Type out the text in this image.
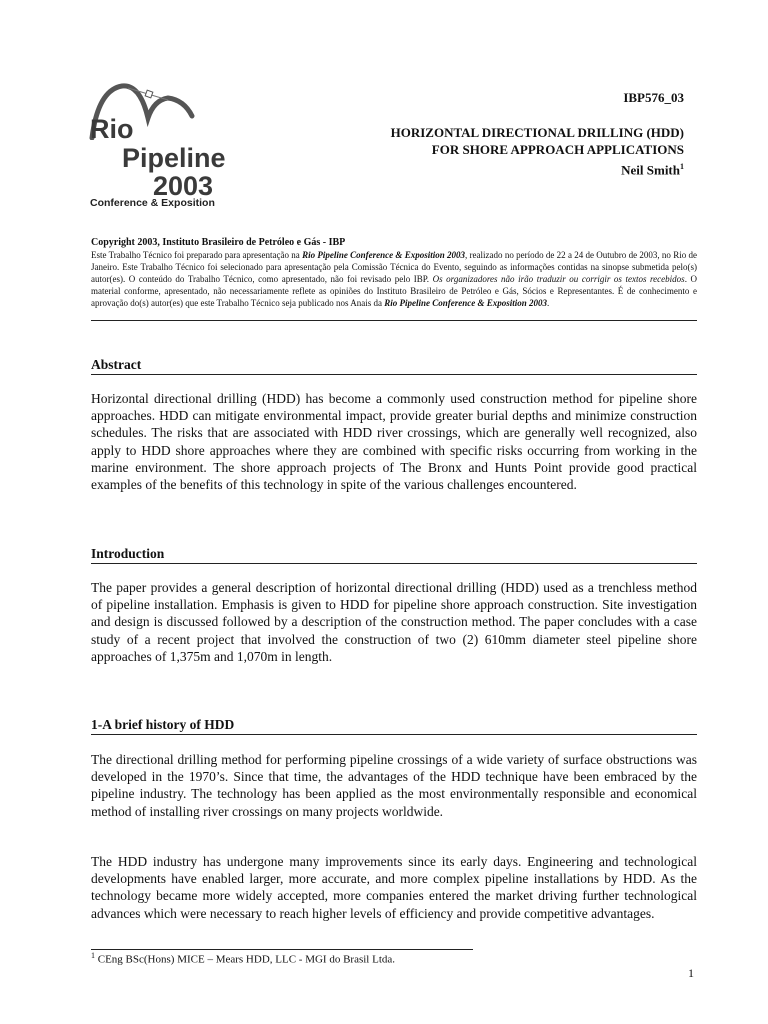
Rio
Pipeline
2003
Conference & Exposition
IBP576_03
HORIZONTAL DIRECTIONAL DRILLING (HDD)
FOR SHORE APPROACH APPLICATIONS
Neil Smith$^1$
Copyright 2003, Instituto Brasileiro de Petróleo e Gás - IBP
Este Trabalho Técnico foi preparado para apresentação na Rio Pipeline Conference & Exposition 2003, realizado no período de 22 a 24 de Outubro de 2003, no Rio de Janeiro. Este Trabalho Técnico foi selecionado para apresentação pela Comissão Técnica do Evento, seguindo as informações contidas na sinopse submetida pelo(s) autor(es). O conteúdo do Trabalho Técnico, como apresentado, não foi revisado pelo IBP. Os organizadores não irão traduzir ou corrigir os textos recebidos. O material conforme, apresentado, não necessariamente reflete as opiniões do Instituto Brasileiro de Petróleo e Gás, Sócios e Representantes. É de conhecimento e aprovação do(s) autor(es) que este Trabalho Técnico seja publicado nos Anais da Rio Pipeline Conference & Exposition 2003.
Abstract

Horizontal directional drilling (HDD) has become a commonly used construction method for pipeline shore approaches. HDD can mitigate environmental impact, provide greater burial depths and minimize construction schedules. The risks that are associated with HDD river crossings, which are generally well recognized, also apply to HDD shore approaches where they are combined with specific risks occurring from working in the marine environment. The shore approach projects of The Bronx and Hunts Point provide good practical examples of the benefits of this technology in spite of the various challenges encountered.

Introduction

The paper provides a general description of horizontal directional drilling (HDD) used as a trenchless method of pipeline installation. Emphasis is given to HDD for pipeline shore approach construction. Site investigation and design is discussed followed by a description of the construction method. The paper concludes with a case study of a recent project that involved the construction of two (2) 610mm diameter steel pipeline shore approaches of 1,375m and 1,070m in length.

1-A brief history of HDD

The directional drilling method for performing pipeline crossings of a wide variety of surface obstructions was developed in the 1970’s. Since that time, the advantages of the HDD technique have been embraced by the pipeline industry. The technology has been applied as the most environmentally responsible and economical method of installing river crossings on many projects worldwide.

The HDD industry has undergone many improvements since its early days. Engineering and technological developments have enabled larger, more accurate, and more complex pipeline installations by HDD. As the technology became more widely accepted, more companies entered the market driving further technological advances which were necessary to reach higher levels of efficiency and provide competitive advantages.

$^1$ CEng BSc(Hons) MICE – Mears HDD, LLC - MGI do Brasil Ltda.
1
